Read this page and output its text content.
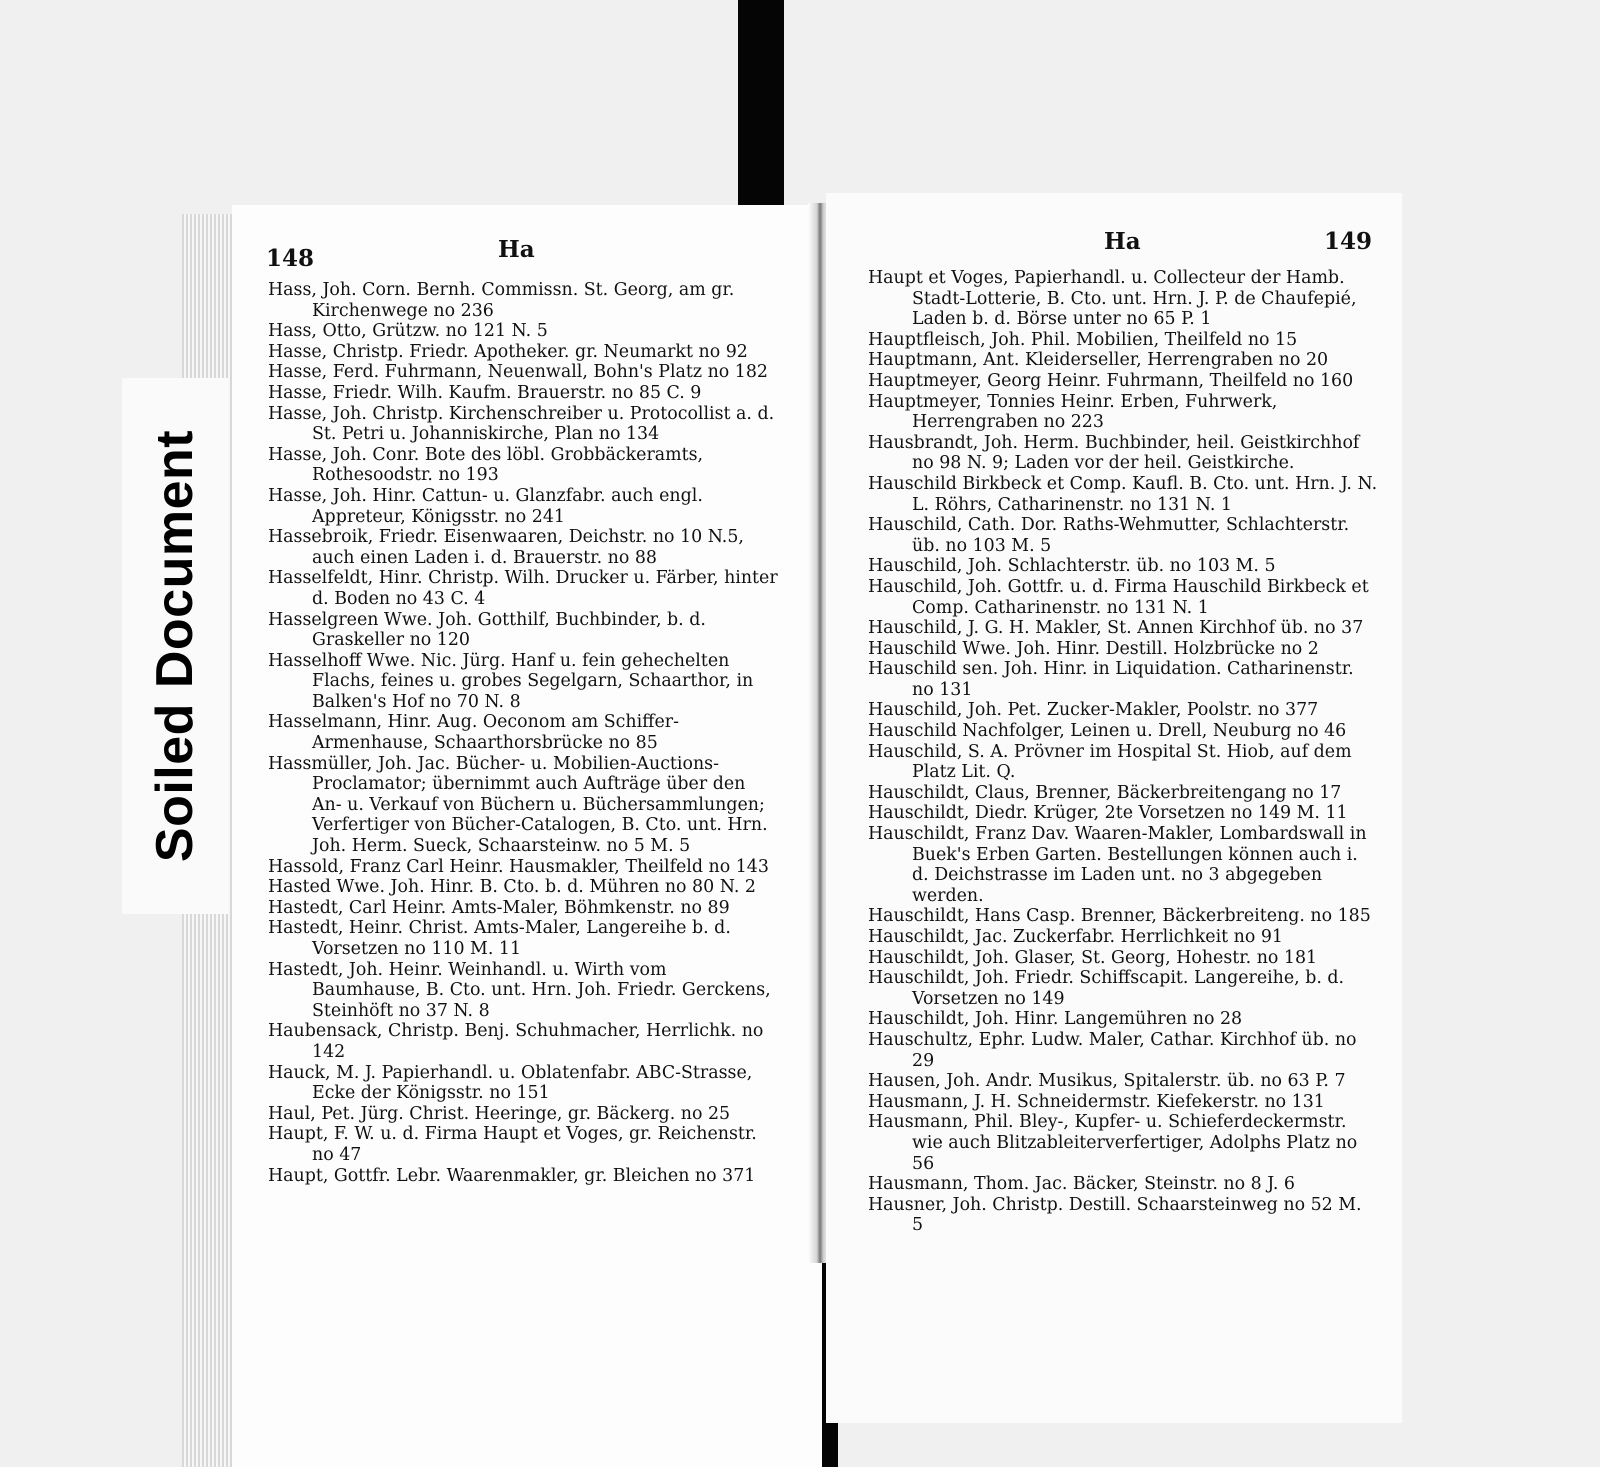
Soiled Document
148	Ha	149
Ha
Hass, Joh. Corn. Bernh. Commissn. St. Georg, am gr. Kirchenwege no 236
Hass, Otto, Grützw. no 121 N. 5
Hasse, Christp. Friedr. Apotheker. gr. Neumarkt no 92
Hasse, Ferd. Fuhrmann, Neuenwall, Bohn's Platz no 182
Hasse, Friedr. Wilh. Kaufm. Brauerstr. no 85 C. 9
Hasse, Joh. Christp. Kirchenschreiber u. Protocollist a. d. St. Petri u. Johanniskirche, Plan no 134
Hasse, Joh. Conr. Bote des löbl. Grobbäckeramts, Rothesoodstr. no 193
Hasse, Joh. Hinr. Cattun- u. Glanzfabr. auch engl. Appreteur, Königsstr. no 241
Hassebroik, Friedr. Eisenwaaren, Deichstr. no 10 N.5, auch einen Laden i. d. Brauerstr. no 88
Hasselfeldt, Hinr. Christp. Wilh. Drucker u. Färber, hinter d. Boden no 43 C. 4
Hasselgreen Wwe. Joh. Gotthilf, Buchbinder, b. d. Graskeller no 120
Hasselhoff Wwe. Nic. Jürg. Hanf u. fein gehechelten Flachs, feines u. grobes Segelgarn, Schaarthor, in Balken's Hof no 70 N. 8
Hasselmann, Hinr. Aug. Oeconom am Schiffer-Armenhause, Schaarthorsbrücke no 85
Hassmüller, Joh. Jac. Bücher- u. Mobilien-Auctions-Proclamator; übernimmt auch Aufträge über den An- u. Verkauf von Büchern u. Büchersammlungen; Verfertiger von Bücher-Catalogen, B. Cto. unt. Hrn. Joh. Herm. Sueck, Schaarsteinw. no 5 M. 5
Hassold, Franz Carl Heinr. Hausmakler, Theilfeld no 143
Hasted Wwe. Joh. Hinr. B. Cto. b. d. Mühren no 80 N. 2
Hastedt, Carl Heinr. Amts-Maler, Böhmkenstr. no 89
Hastedt, Heinr. Christ. Amts-Maler, Langereihe b. d. Vorsetzen no 110 M. 11
Hastedt, Joh. Heinr. Weinhandl. u. Wirth vom Baumhause, B. Cto. unt. Hrn. Joh. Friedr. Gerckens, Steinhöft no 37 N. 8
Haubensack, Christp. Benj. Schuhmacher, Herrlichk. no 142
Hauck, M. J. Papierhandl. u. Oblatenfabr. ABC-Strasse, Ecke der Königsstr. no 151
Haul, Pet. Jürg. Christ. Heeringe, gr. Bäckerg. no 25
Haupt, F. W. u. d. Firma Haupt et Voges, gr. Reichenstr. no 47
Haupt, Gottfr. Lebr. Waarenmakler, gr. Bleichen no 371
Haupt et Voges, Papierhandl. u. Collecteur der Hamb. Stadt-Lotterie, B. Cto. unt. Hrn. J. P. de Chaufepié, Laden b. d. Börse unter no 65 P. 1
Hauptfleisch, Joh. Phil. Mobilien, Theilfeld no 15
Hauptmann, Ant. Kleiderseller, Herrengraben no 20
Hauptmeyer, Georg Heinr. Fuhrmann, Theilfeld no 160
Hauptmeyer, Tonnies Heinr. Erben, Fuhrwerk, Herrengraben no 223
Hausbrandt, Joh. Herm. Buchbinder, heil. Geistkirchhof no 98 N. 9; Laden vor der heil. Geistkirche.
Hauschild Birkbeck et Comp. Kaufl. B. Cto. unt. Hrn. J. N. L. Röhrs, Catharinenstr. no 131 N. 1
Hauschild, Cath. Dor. Raths-Wehmutter, Schlachterstr. üb. no 103 M. 5
Hauschild, Joh. Schlachterstr. üb. no 103 M. 5
Hauschild, Joh. Gottfr. u. d. Firma Hauschild Birkbeck et Comp. Catharinenstr. no 131 N. 1
Hauschild, J. G. H. Makler, St. Annen Kirchhof üb. no 37
Hauschild Wwe. Joh. Hinr. Destill. Holzbrücke no 2
Hauschild sen. Joh. Hinr. in Liquidation. Catharinenstr. no 131
Hauschild, Joh. Pet. Zucker-Makler, Poolstr. no 377
Hauschild Nachfolger, Leinen u. Drell, Neuburg no 46
Hauschild, S. A. Prövner im Hospital St. Hiob, auf dem Platz Lit. Q.
Hauschildt, Claus, Brenner, Bäckerbreitengang no 17
Hauschildt, Diedr. Krüger, 2te Vorsetzen no 149 M. 11
Hauschildt, Franz Dav. Waaren-Makler, Lombardswall in Buek's Erben Garten. Bestellungen können auch i. d. Deichstrasse im Laden unt. no 3 abgegeben werden.
Hauschildt, Hans Casp. Brenner, Bäckerbreiteng. no 185
Hauschildt, Jac. Zuckerfabr. Herrlichkeit no 91
Hauschildt, Joh. Glaser, St. Georg, Hohestr. no 181
Hauschildt, Joh. Friedr. Schiffscapit. Langereihe, b. d. Vorsetzen no 149
Hauschildt, Joh. Hinr. Langemühren no 28
Hauschultz, Ephr. Ludw. Maler, Cathar. Kirchhof üb. no 29
Hausen, Joh. Andr. Musikus, Spitalerstr. üb. no 63 P. 7
Hausmann, J. H. Schneidermstr. Kiefekerstr. no 131
Hausmann, Phil. Bley-, Kupfer- u. Schieferdeckermstr. wie auch Blitzableiterverfertiger, Adolphs Platz no 56
Hausmann, Thom. Jac. Bäcker, Steinstr. no 8 J. 6
Hausner, Joh. Christp. Destill. Schaarsteinweg no 52 M. 5
